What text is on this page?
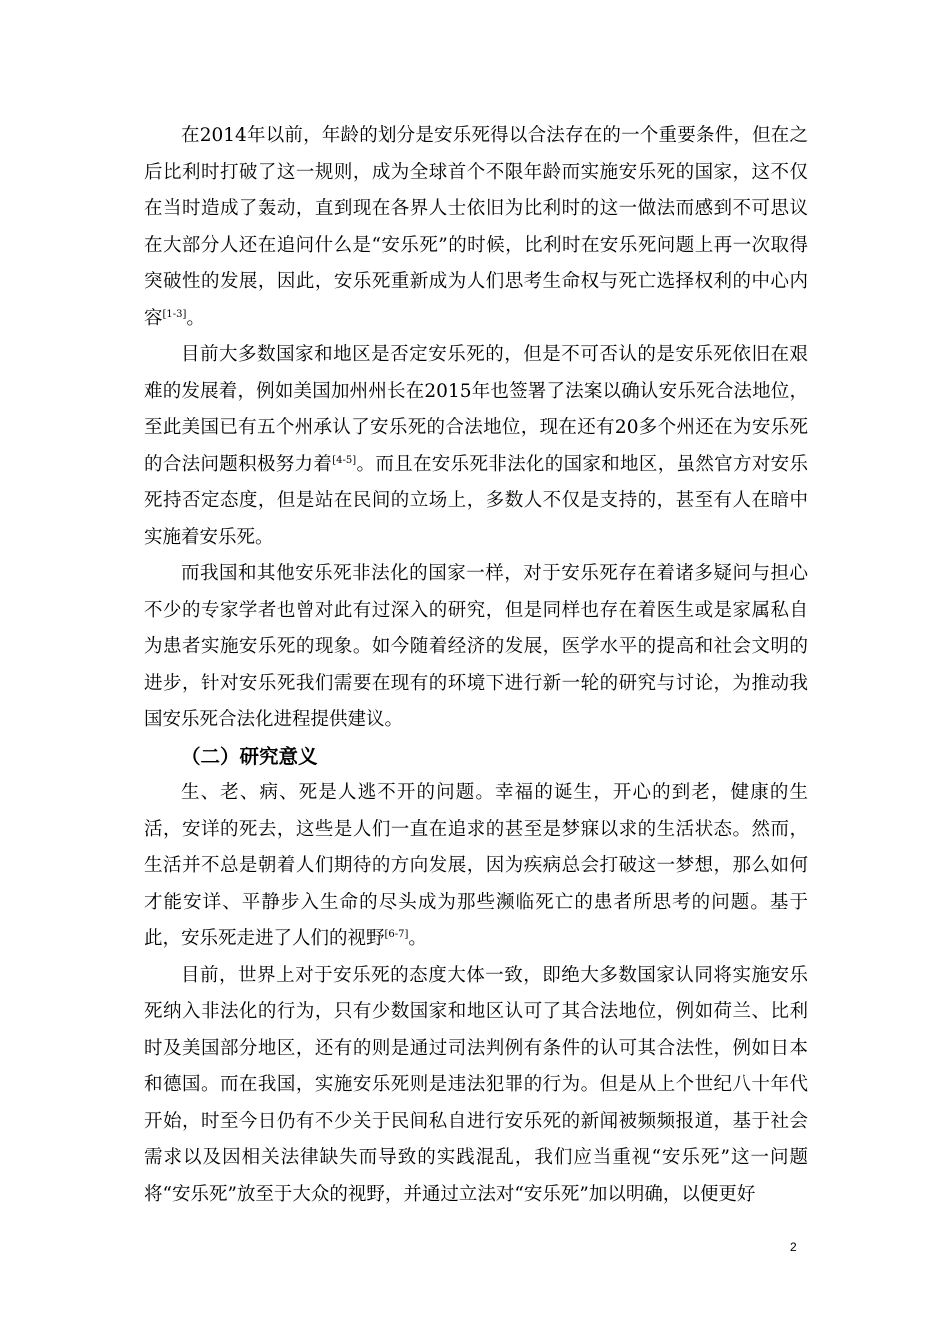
在2014年以前，年龄的划分是安乐死得以合法存在的一个重要条件，但在之后比利时打破了这一规则，成为全球首个不限年龄而实施安乐死的国家，这不仅在当时造成了轰动，直到现在各界人士依旧为比利时的这一做法而感到不可思议在大部分人还在追问什么是“安乐死”的时候，比利时在安乐死问题上再一次取得突破性的发展，因此，安乐死重新成为人们思考生命权与死亡选择权利的中心内容[1-3]。

目前大多数国家和地区是否定安乐死的，但是不可否认的是安乐死依旧在艰难的发展着，例如美国加州州长在2015年也签署了法案以确认安乐死合法地位，至此美国已有五个州承认了安乐死的合法地位，现在还有20多个州还在为安乐死的合法问题积极努力着[4-5]。而且在安乐死非法化的国家和地区，虽然官方对安乐死持否定态度，但是站在民间的立场上，多数人不仅是支持的，甚至有人在暗中实施着安乐死。

而我国和其他安乐死非法化的国家一样，对于安乐死存在着诸多疑问与担心不少的专家学者也曾对此有过深入的研究，但是同样也存在着医生或是家属私自为患者实施安乐死的现象。如今随着经济的发展，医学水平的提高和社会文明的进步，针对安乐死我们需要在现有的环境下进行新一轮的研究与讨论，为推动我国安乐死合法化进程提供建议。

（二）研究意义

生、老、病、死是人逃不开的问题。幸福的诞生，开心的到老，健康的生活，安详的死去，这些是人们一直在追求的甚至是梦寐以求的生活状态。然而，生活并不总是朝着人们期待的方向发展，因为疾病总会打破这一梦想，那么如何才能安详、平静步入生命的尽头成为那些濒临死亡的患者所思考的问题。基于此，安乐死走进了人们的视野[6-7]。

目前，世界上对于安乐死的态度大体一致，即绝大多数国家认同将实施安乐死纳入非法化的行为，只有少数国家和地区认可了其合法地位，例如荷兰、比利时及美国部分地区，还有的则是通过司法判例有条件的认可其合法性，例如日本和德国。而在我国，实施安乐死则是违法犯罪的行为。但是从上个世纪八十年代开始，时至今日仍有不少关于民间私自进行安乐死的新闻被频频报道，基于社会需求以及因相关法律缺失而导致的实践混乱，我们应当重视“安乐死”这一问题将“安乐死”放至于大众的视野，并通过立法对“安乐死”加以明确，以便更好

2
